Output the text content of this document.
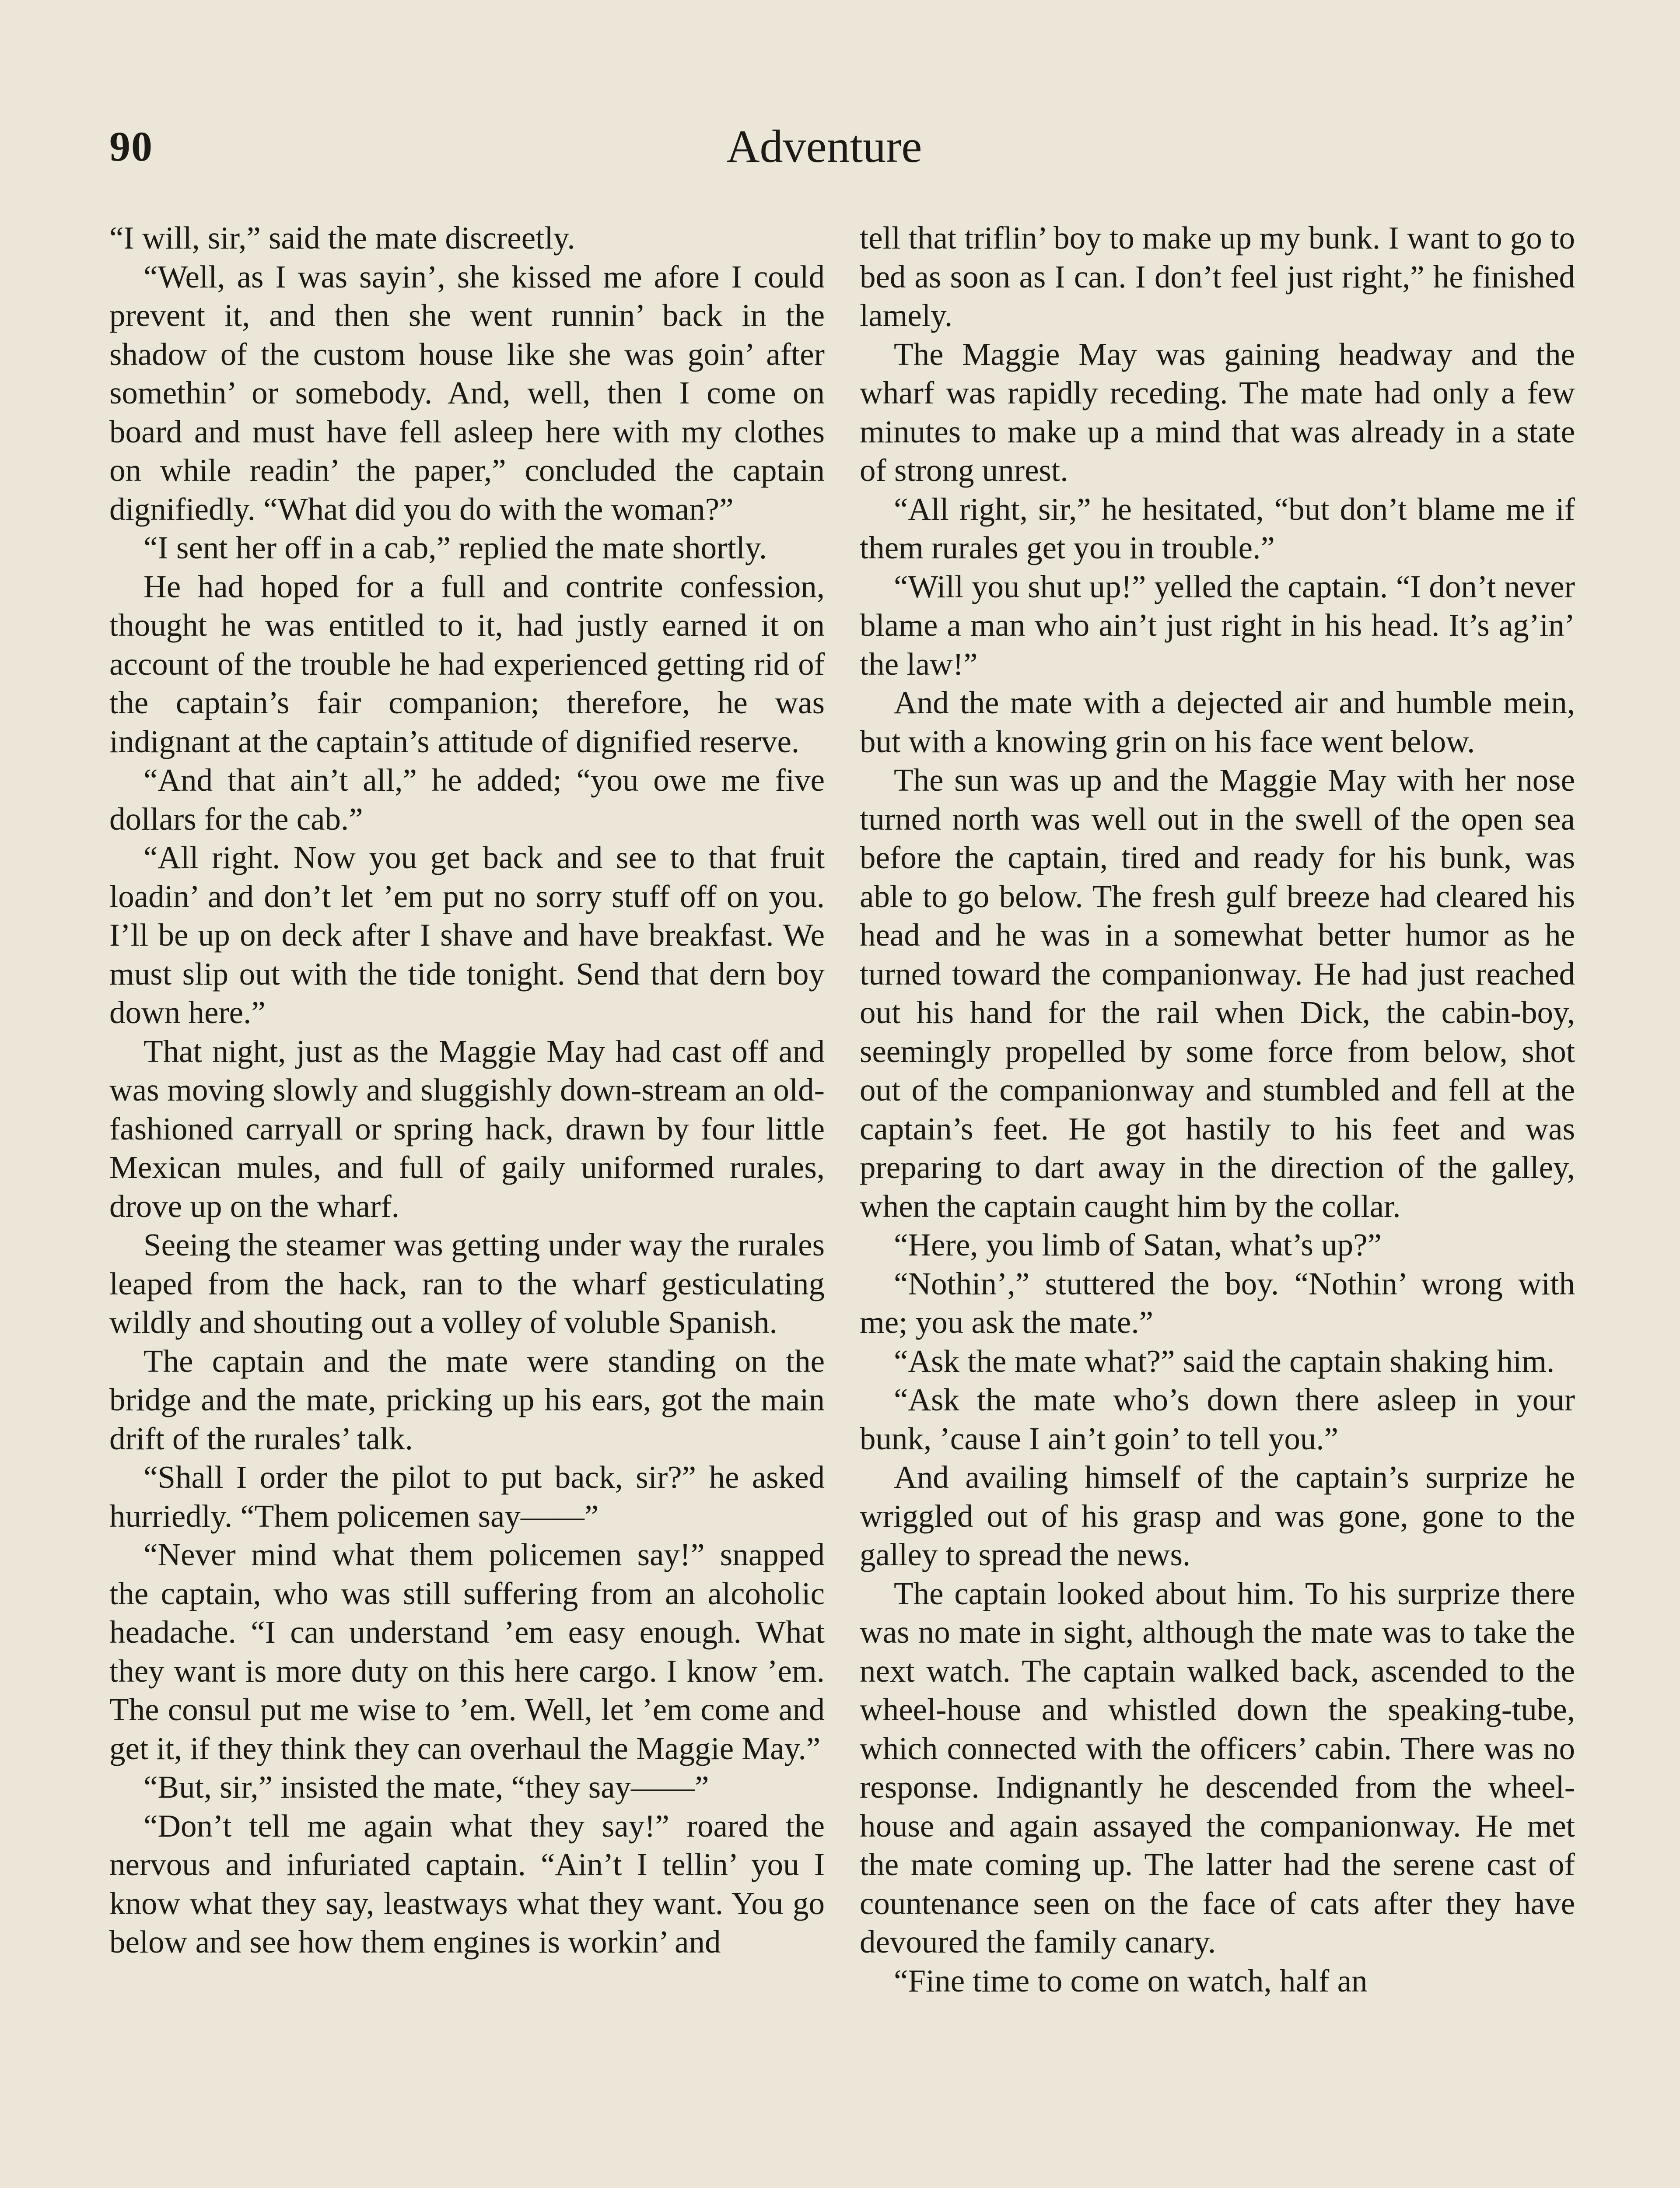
90	Adventure

“I will, sir,” said the mate discreetly.

“Well, as I was sayin’, she kissed me afore I could prevent it, and then she went runnin’ back in the shadow of the custom house like she was goin’ after somethin’ or somebody. And, well, then I come on board and must have fell asleep here with my clothes on while readin’ the paper,” concluded the captain dignifiedly. “What did you do with the woman?”

“I sent her off in a cab,” replied the mate shortly.

He had hoped for a full and contrite confession, thought he was entitled to it, had justly earned it on account of the trouble he had experienced getting rid of the captain’s fair companion; therefore, he was indignant at the captain’s attitude of dignified reserve.

“And that ain’t all,” he added; “you owe me five dollars for the cab.”

“All right. Now you get back and see to that fruit loadin’ and don’t let ’em put no sorry stuff off on you. I’ll be up on deck after I shave and have breakfast. We must slip out with the tide tonight. Send that dern boy down here.”

That night, just as the Maggie May had cast off and was moving slowly and sluggishly down-stream an old-fashioned carryall or spring hack, drawn by four little Mexican mules, and full of gaily uniformed rurales, drove up on the wharf.

Seeing the steamer was getting under way the rurales leaped from the hack, ran to the wharf gesticulating wildly and shouting out a volley of voluble Spanish.

The captain and the mate were standing on the bridge and the mate, pricking up his ears, got the main drift of the rurales’ talk.

“Shall I order the pilot to put back, sir?” he asked hurriedly. “Them policemen say——”

“Never mind what them policemen say!” snapped the captain, who was still suffering from an alcoholic headache. “I can understand ’em easy enough. What they want is more duty on this here cargo. I know ’em. The consul put me wise to ’em. Well, let ’em come and get it, if they think they can overhaul the Maggie May.”

“But, sir,” insisted the mate, “they say——”

“Don’t tell me again what they say!” roared the nervous and infuriated captain. “Ain’t I tellin’ you I know what they say, leastways what they want. You go below and see how them engines is workin’ and

tell that triflin’ boy to make up my bunk. I want to go to bed as soon as I can. I don’t feel just right,” he finished lamely.

The Maggie May was gaining headway and the wharf was rapidly receding. The mate had only a few minutes to make up a mind that was already in a state of strong unrest.

“All right, sir,” he hesitated, “but don’t blame me if them rurales get you in trouble.”

“Will you shut up!” yelled the captain. “I don’t never blame a man who ain’t just right in his head. It’s ag’in’ the law!”

And the mate with a dejected air and humble mein, but with a knowing grin on his face went below.

The sun was up and the Maggie May with her nose turned north was well out in the swell of the open sea before the captain, tired and ready for his bunk, was able to go below. The fresh gulf breeze had cleared his head and he was in a somewhat better humor as he turned toward the companionway. He had just reached out his hand for the rail when Dick, the cabin-boy, seemingly propelled by some force from below, shot out of the companionway and stumbled and fell at the captain’s feet. He got hastily to his feet and was preparing to dart away in the direction of the galley, when the captain caught him by the collar.

“Here, you limb of Satan, what’s up?”

“Nothin’,” stuttered the boy. “Nothin’ wrong with me; you ask the mate.”

“Ask the mate what?” said the captain shaking him.

“Ask the mate who’s down there asleep in your bunk, ’cause I ain’t goin’ to tell you.”

And availing himself of the captain’s surprize he wriggled out of his grasp and was gone, gone to the galley to spread the news.

The captain looked about him. To his surprize there was no mate in sight, although the mate was to take the next watch. The captain walked back, ascended to the wheel-house and whistled down the speaking-tube, which connected with the officers’ cabin. There was no response. Indignantly he descended from the wheel-house and again assayed the companionway. He met the mate coming up. The latter had the serene cast of countenance seen on the face of cats after they have devoured the family canary.

“Fine time to come on watch, half an
